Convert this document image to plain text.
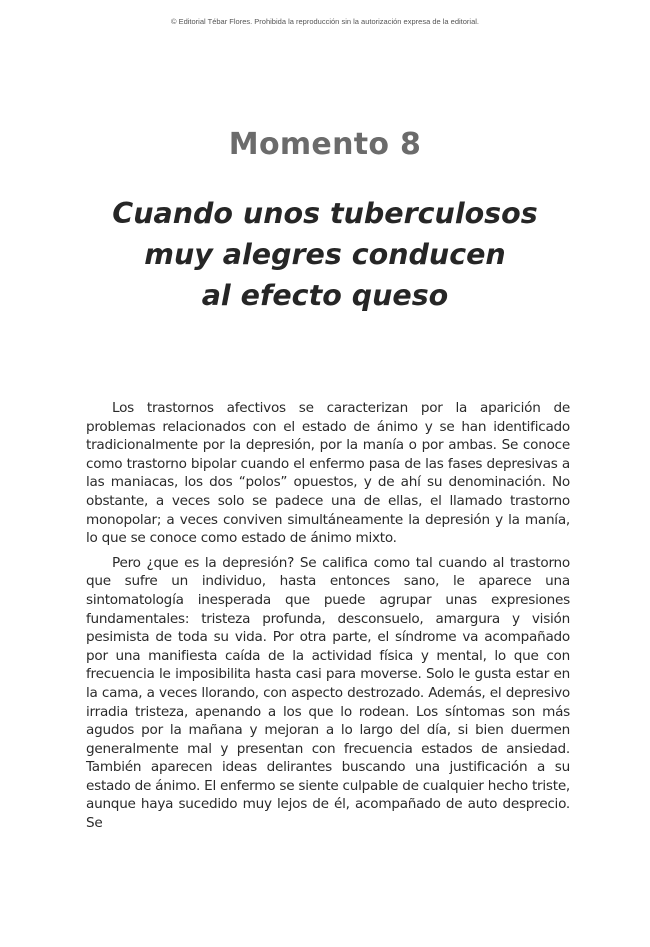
© Editorial Tébar Flores. Prohibida la reproducción sin la autorización expresa de la editorial.
Momento 8
Cuando unos tuberculosos
muy alegres conducen
al efecto queso

Los trastornos afectivos se caracterizan por la aparición de problemas relacionados con el estado de ánimo y se han identificado tradicionalmente por la depresión, por la manía o por ambas. Se conoce como trastorno bipolar cuando el enfermo pasa de las fases depresivas a las maniacas, los dos “polos” opuestos, y de ahí su denominación. No obstante, a veces solo se padece una de ellas, el llamado trastorno monopolar; a veces conviven simultáneamente la depresión y la manía, lo que se conoce como estado de ánimo mixto.

Pero ¿que es la depresión? Se califica como tal cuando al trastorno que sufre un individuo, hasta entonces sano, le aparece una sintomatología inesperada que puede agrupar unas expresiones fundamentales: tristeza profunda, desconsuelo, amargura y visión pesimista de toda su vida. Por otra parte, el síndrome va acompañado por una manifiesta caída de la actividad física y mental, lo que con frecuencia le imposibilita hasta casi para moverse. Solo le gusta estar en la cama, a veces llorando, con aspecto destrozado. Además, el depresivo irradia tristeza, apenando a los que lo rodean. Los síntomas son más agudos por la mañana y mejoran a lo largo del día, si bien duermen generalmente mal y presentan con frecuencia estados de ansiedad. También aparecen ideas delirantes buscando una justificación a su estado de ánimo. El enfermo se siente culpable de cualquier hecho triste, aunque haya sucedido muy lejos de él, acompañado de auto desprecio. Se
